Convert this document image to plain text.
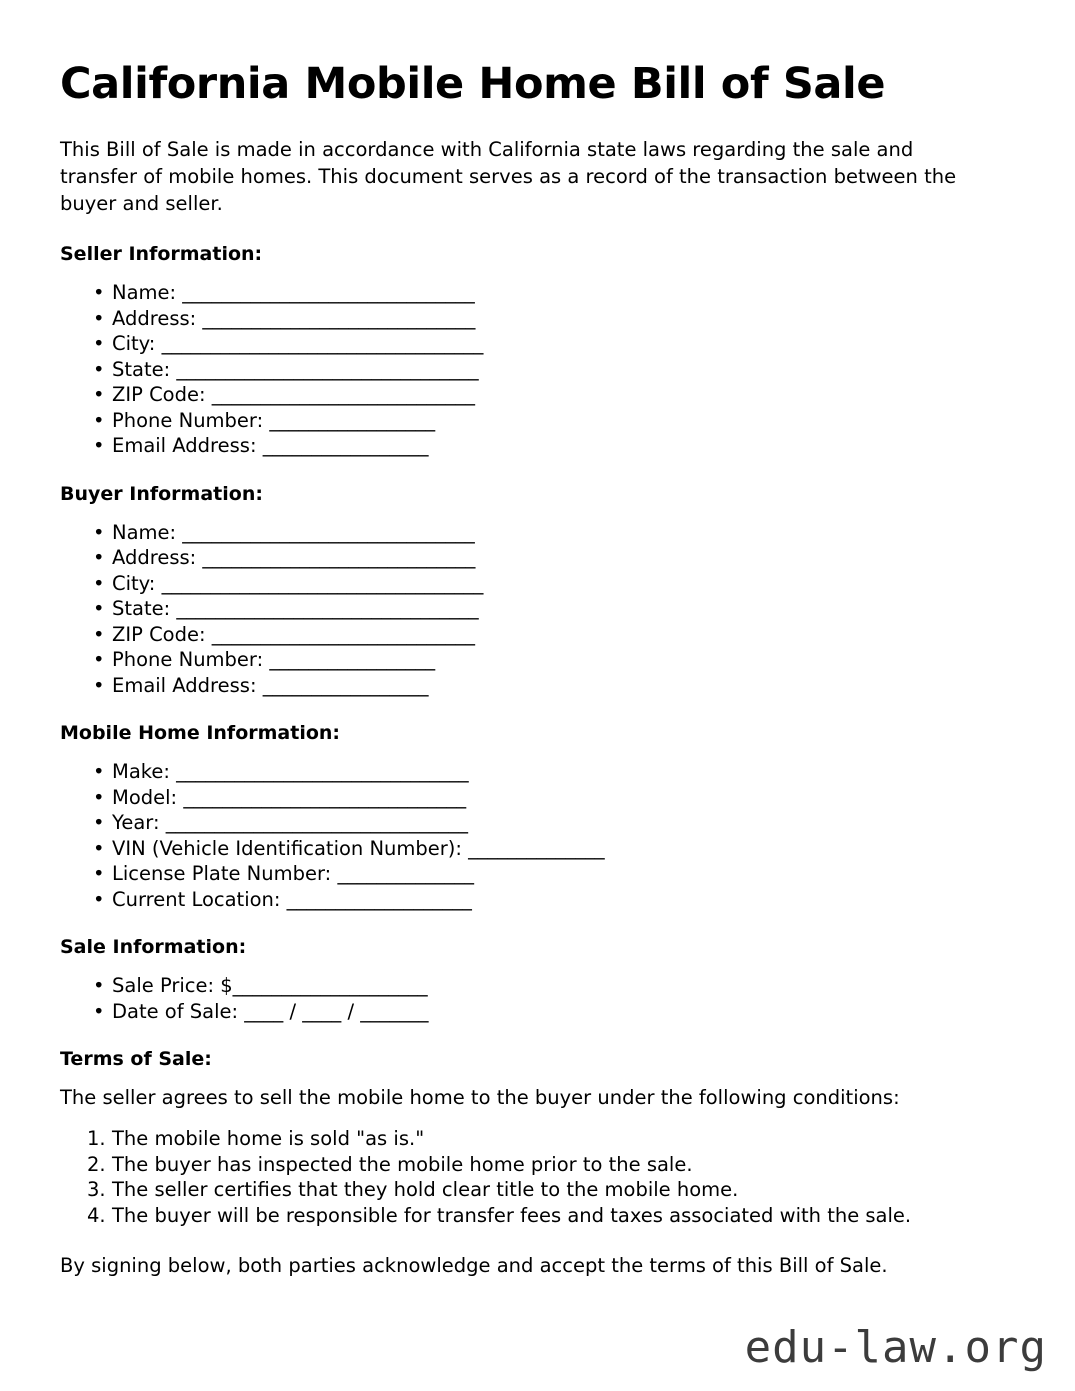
California Mobile Home Bill of Sale

This Bill of Sale is made in accordance with California state laws regarding the sale and transfer of mobile homes. This document serves as a record of the transaction between the buyer and seller.

Seller Information:
• Name: ______________________________
• Address: ____________________________
• City: _________________________________
• State: _______________________________
• ZIP Code: ___________________________
• Phone Number: _________________
• Email Address: _________________
Buyer Information:
• Name: ______________________________
• Address: ____________________________
• City: _________________________________
• State: _______________________________
• ZIP Code: ___________________________
• Phone Number: _________________
• Email Address: _________________
Mobile Home Information:
• Make: ______________________________
• Model: _____________________________
• Year: _______________________________
• VIN (Vehicle Identification Number): ______________
• License Plate Number: ______________
• Current Location: ___________________
Sale Information:
• Sale Price: $____________________
• Date of Sale: ____ / ____ / _______
Terms of Sale:

The seller agrees to sell the mobile home to the buyer under the following conditions:

The mobile home is sold "as is."
The buyer has inspected the mobile home prior to the sale.
The seller certifies that they hold clear title to the mobile home.
The buyer will be responsible for transfer fees and taxes associated with the sale.

By signing below, both parties acknowledge and accept the terms of this Bill of Sale.

edu-law.org
